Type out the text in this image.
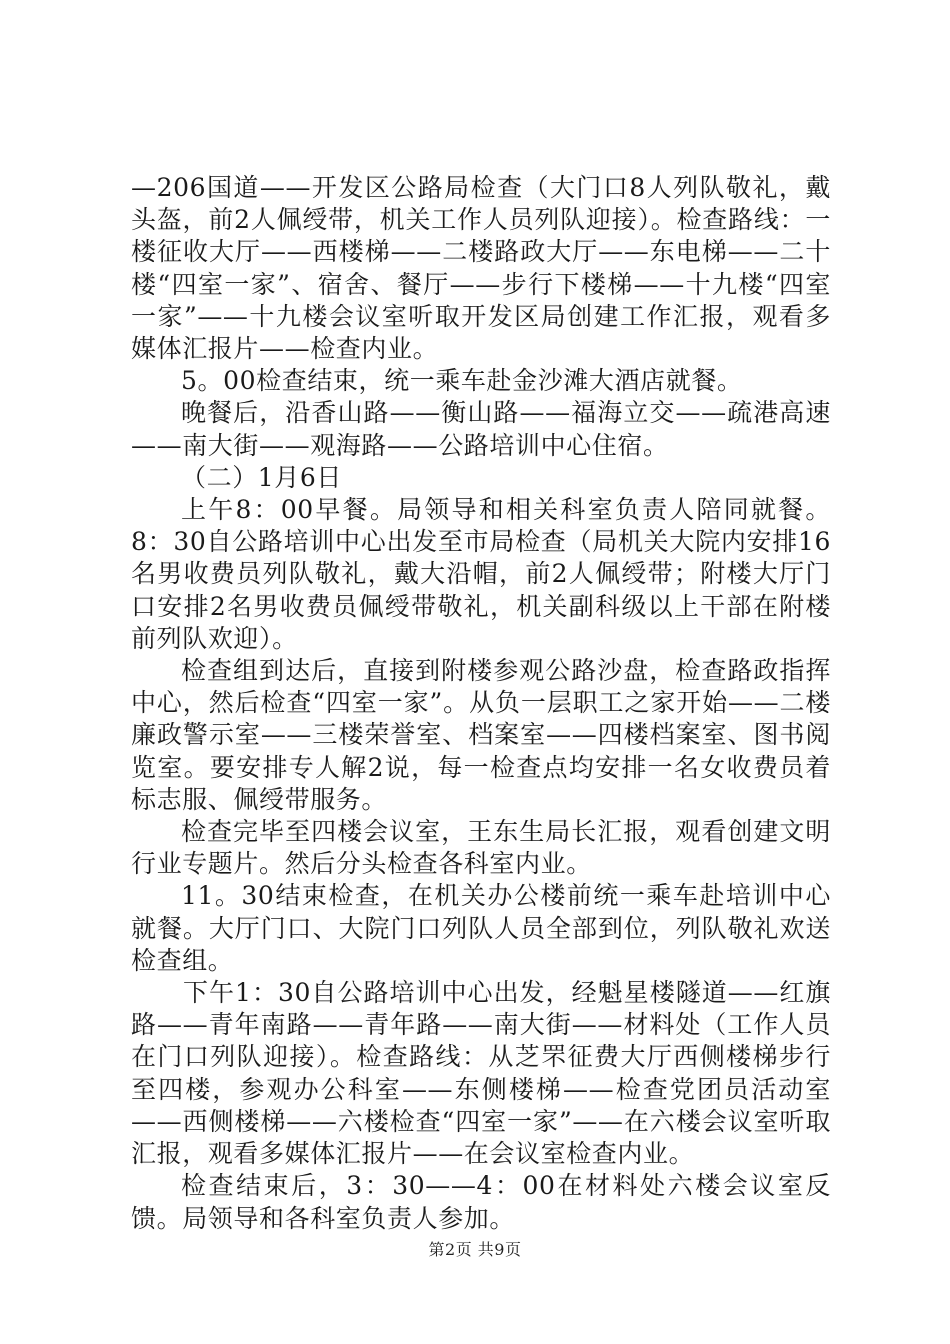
—206国道——开发区公路局检查（大门口8人列队敬礼，戴头盔，前2人佩绶带，机关工作人员列队迎接）。检查路线：一楼征收大厅——西楼梯——二楼路政大厅——东电梯——二十楼“四室一家”、宿舍、餐厅——步行下楼梯——十九楼“四室一家”——十九楼会议室听取开发区局创建工作汇报，观看多媒体汇报片——检查内业。

5。00检查结束，统一乘车赴金沙滩大酒店就餐。

晚餐后，沿香山路——衡山路——福海立交——疏港高速——南大街——观海路——公路培训中心住宿。

（二）1月6日

上午8：00早餐。局领导和相关科室负责人陪同就餐。8：30自公路培训中心出发至市局检查（局机关大院内安排16名男收费员列队敬礼，戴大沿帽，前2人佩绶带；附楼大厅门口安排2名男收费员佩绶带敬礼，机关副科级以上干部在附楼前列队欢迎）。

检查组到达后，直接到附楼参观公路沙盘，检查路政指挥中心，然后检查“四室一家”。从负一层职工之家开始——二楼廉政警示室——三楼荣誉室、档案室——四楼档案室、图书阅览室。要安排专人解2说，每一检查点均安排一名女收费员着标志服、佩绶带服务。

检查完毕至四楼会议室，王东生局长汇报，观看创建文明行业专题片。然后分头检查各科室内业。

11。30结束检查，在机关办公楼前统一乘车赴培训中心就餐。大厅门口、大院门口列队人员全部到位，列队敬礼欢送检查组。

下午1：30自公路培训中心出发，经魁星楼隧道——红旗路——青年南路——青年路——南大街——材料处（工作人员在门口列队迎接）。检查路线：从芝罘征费大厅西侧楼梯步行至四楼，参观办公科室——东侧楼梯——检查党团员活动室——西侧楼梯——六楼检查“四室一家”——在六楼会议室听取汇报，观看多媒体汇报片——在会议室检查内业。

检查结束后，3：30——4：00在材料处六楼会议室反馈。局领导和各科室负责人参加。

第2页 共9页
